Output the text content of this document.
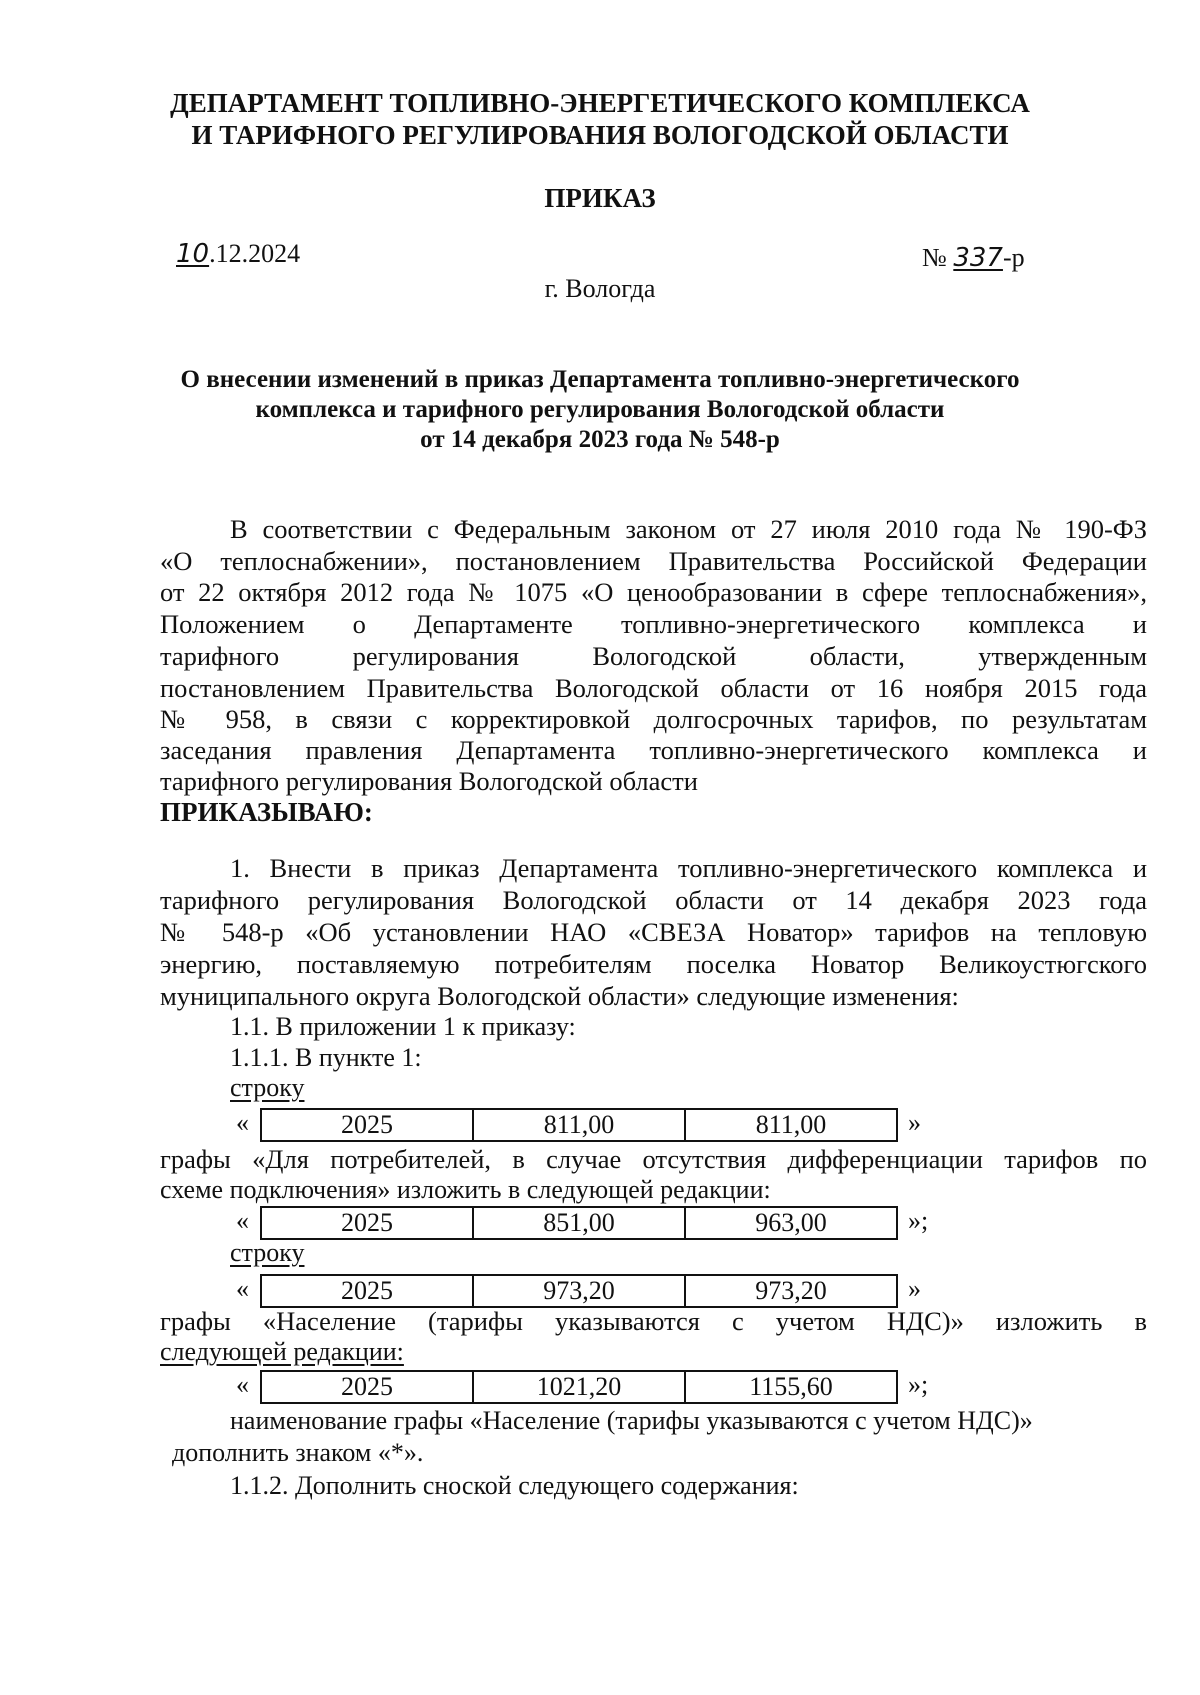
ДЕПАРТАМЕНТ ТОПЛИВНО-ЭНЕРГЕТИЧЕСКОГО КОМПЛЕКСА
И ТАРИФНОГО РЕГУЛИРОВАНИЯ ВОЛОГОДСКОЙ ОБЛАСТИ
ПРИКАЗ
10.12.2024	№ 337-р
г. Вологда
О внесении изменений в приказ Департамента топливно-энергетического
комплекса и тарифного регулирования Вологодской области
от 14 декабря 2023 года № 548-р
В соответствии с Федеральным законом от 27 июля 2010 года № 190-ФЗ
«О теплоснабжении», постановлением Правительства Российской Федерации
от 22 октября 2012 года № 1075 «О ценообразовании в сфере теплоснабжения»,
Положением о Департаменте топливно-энергетического комплекса и
тарифного регулирования Вологодской области, утвержденным
постановлением Правительства Вологодской области от 16 ноября 2015 года
№ 958, в связи с корректировкой долгосрочных тарифов, по результатам
заседания правления Департамента топливно-энергетического комплекса и
тарифного регулирования Вологодской области
ПРИКАЗЫВАЮ:
1. Внести в приказ Департамента топливно-энергетического комплекса и
тарифного регулирования Вологодской области от 14 декабря 2023 года
№ 548-р «Об установлении НАО «СВЕЗА Новатор» тарифов на тепловую
энергию, поставляемую потребителям поселка Новатор Великоустюгского
муниципального округа Вологодской области» следующие изменения:
1.1. В приложении 1 к приказу:
1.1.1. В пункте 1:
строку
«	2025	811,00	811,00	»
графы «Для потребителей, в случае отсутствия дифференциации тарифов по
схеме подключения» изложить в следующей редакции:
«	2025	851,00	963,00	»;
строку
«	2025	973,20	973,20	»
графы «Население (тарифы указываются с учетом НДС)» изложить в
следующей редакции:
«	2025	1021,20	1155,60	»;
наименование графы «Население (тарифы указываются с учетом НДС)»
дополнить знаком «*».
1.1.2. Дополнить сноской следующего содержания:
